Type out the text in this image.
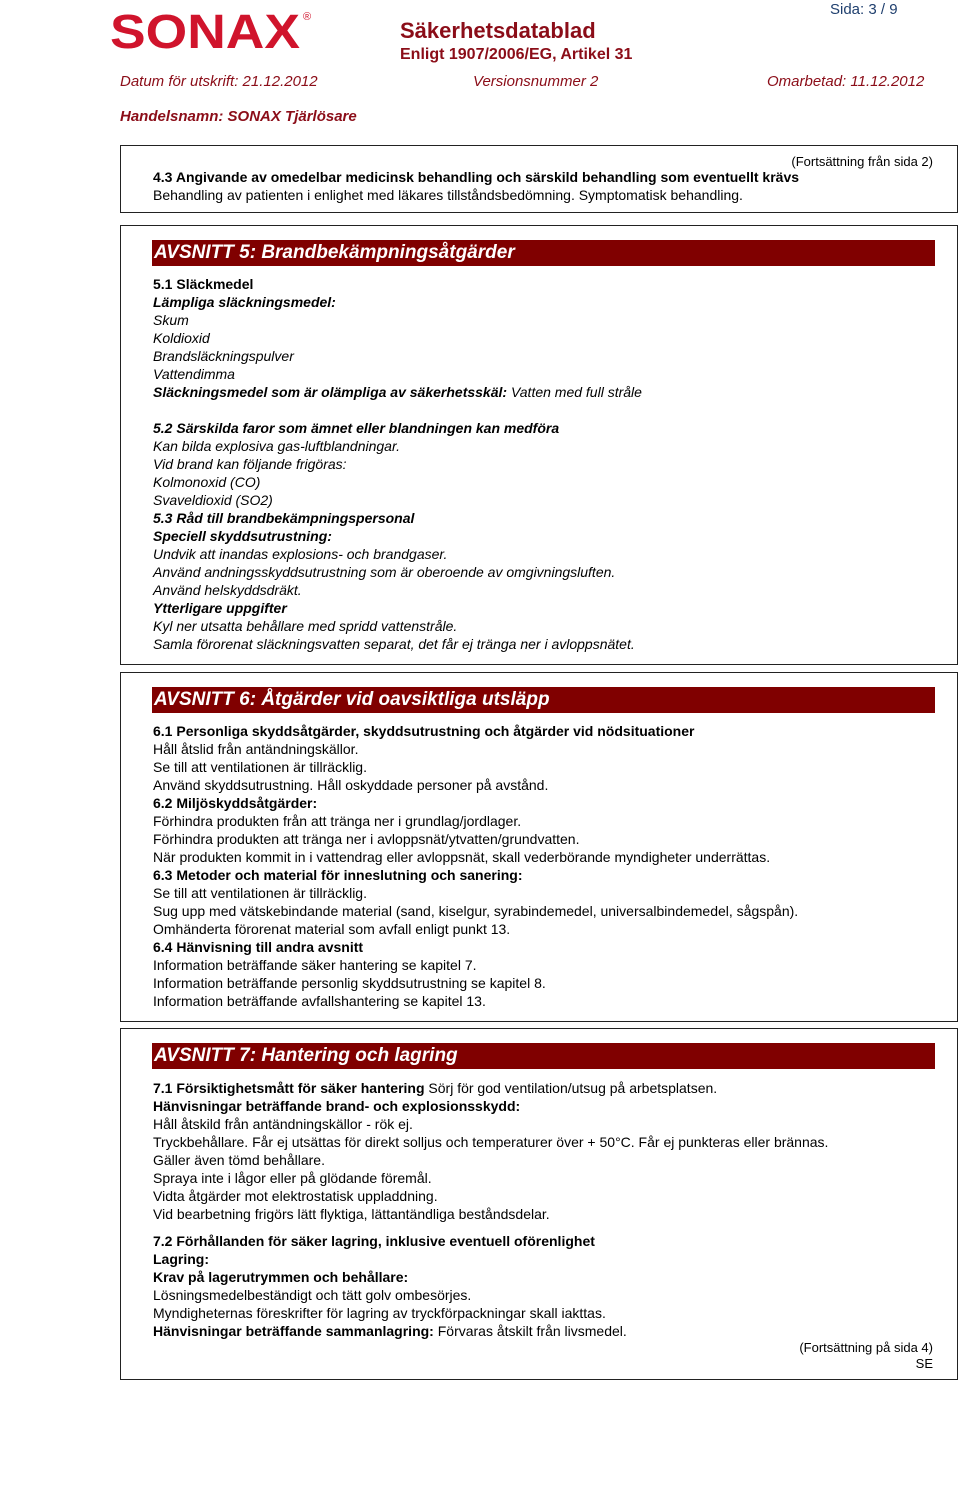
SONAX ®	Sida: 3 / 9
Säkerhetsdatablad
Enligt 1907/2006/EG, Artikel 31
Datum för utskrift: 21.12.2012	Versionsnummer 2	Omarbetad: 11.12.2012
Handelsnamn: SONAX Tjärlösare
(Fortsättning från sida 2)
4.3 Angivande av omedelbar medicinsk behandling och särskild behandling som eventuellt krävs
Behandling av patienten i enlighet med läkares tillståndsbedömning. Symptomatisk behandling.
AVSNITT 5: Brandbekämpningsåtgärder
5.1 Släckmedel
Lämpliga släckningsmedel:
Skum
Koldioxid
Brandsläckningspulver
Vattendimma
Släckningsmedel som är olämpliga av säkerhetsskäl: Vatten med full stråle
5.2 Särskilda faror som ämnet eller blandningen kan medföra
Kan bilda explosiva gas-luftblandningar.
Vid brand kan följande frigöras:
Kolmonoxid (CO)
Svaveldioxid (SO2)
5.3 Råd till brandbekämpningspersonal
Speciell skyddsutrustning:
Undvik att inandas explosions- och brandgaser.
Använd andningsskyddsutrustning som är oberoende av omgivningsluften.
Använd helskyddsdräkt.
Ytterligare uppgifter
Kyl ner utsatta behållare med spridd vattenstråle.
Samla förorenat släckningsvatten separat, det får ej tränga ner i avloppsnätet.
AVSNITT 6: Åtgärder vid oavsiktliga utsläpp
6.1 Personliga skyddsåtgärder, skyddsutrustning och åtgärder vid nödsituationer
Håll åtslid från antändningskällor.
Se till att ventilationen är tillräcklig.
Använd skyddsutrustning. Håll oskyddade personer på avstånd.
6.2 Miljöskyddsåtgärder:
Förhindra produkten från att tränga ner i grundlag/jordlager.
Förhindra produkten att tränga ner i avloppsnät/ytvatten/grundvatten.
När produkten kommit in i vattendrag eller avloppsnät, skall vederbörande myndigheter underrättas.
6.3 Metoder och material för inneslutning och sanering:
Se till att ventilationen är tillräcklig.
Sug upp med vätskebindande material (sand, kiselgur, syrabindemedel, universalbindemedel, sågspån).
Omhänderta förorenat material som avfall enligt punkt 13.
6.4 Hänvisning till andra avsnitt
Information beträffande säker hantering se kapitel 7.
Information beträffande personlig skyddsutrustning se kapitel 8.
Information beträffande avfallshantering se kapitel 13.
AVSNITT 7: Hantering och lagring
7.1 Försiktighetsmått för säker hantering Sörj för god ventilation/utsug på arbetsplatsen.
Hänvisningar beträffande brand- och explosionsskydd:
Håll åtskild från antändningskällor - rök ej.
Tryckbehållare. Får ej utsättas för direkt solljus och temperaturer över + 50°C. Får ej punkteras eller brännas.
Gäller även tömd behållare.
Spraya inte i lågor eller på glödande föremål.
Vidta åtgärder mot elektrostatisk uppladdning.
Vid bearbetning frigörs lätt flyktiga, lättantändliga beståndsdelar.
7.2 Förhållanden för säker lagring, inklusive eventuell oförenlighet
Lagring:
Krav på lagerutrymmen och behållare:
Lösningsmedelbeständigt och tätt golv ombesörjes.
Myndigheternas föreskrifter för lagring av tryckförpackningar skall iakttas.
Hänvisningar beträffande sammanlagring: Förvaras åtskilt från livsmedel.
(Fortsättning på sida 4)
SE
